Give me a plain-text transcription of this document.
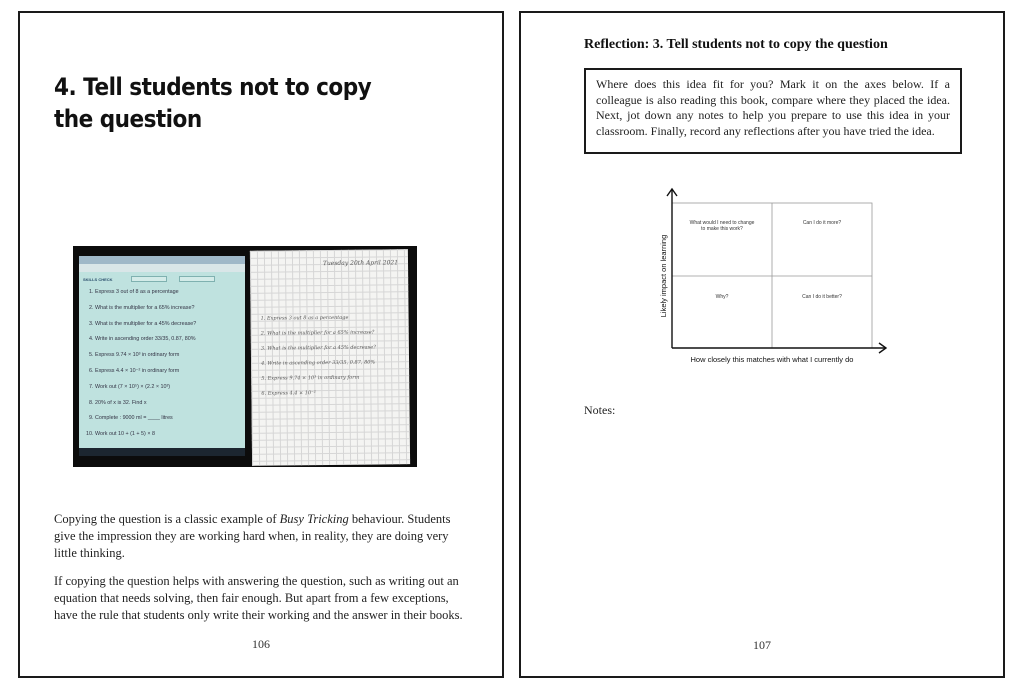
4. Tell students not to copy the question
SKILLS CHECK
1. Express 3 out of 8 as a percentage
2. What is the multiplier for a 65% increase?
3. What is the multiplier for a 45% decrease?
4. Write in ascending order 33/35, 0.87, 80%
5. Express 9.74 × 10³ in ordinary form
6. Express 4.4 × 10⁻² in ordinary form
7. Work out (7 × 10⁵) × (2.2 × 10³)
8. 20% of x is 32. Find x
9. Complete : 9000 ml = ____ litres
10. Work out 10 + (1 + 5) × 8
Tuesday 20th April 2021
1. Express 3 out 8 as a percentage
2. What is the multiplier for a 65% increase?
3. What is the multiplier for a 45% decrease?
4. Write in ascending order 33/35, 0.87, 80%
5. Express 9.74 × 10³ in ordinary form
6. Express 4.4 × 10⁻²

Copying the question is a classic example of Busy Tricking behaviour. Students give the impression they are working hard when, in reality, they are doing very little thinking.

If copying the question helps with answering the question, such as writing out an equation that needs solving, then fair enough. But apart from a few exceptions, have the rule that students only write their working and the answer in their books.

106
Reflection: 3. Tell students not to copy the question
Where does this idea fit for you? Mark it on the axes below. If a colleague is also reading this book, compare where they placed the idea. Next, jot down any notes to help you prepare to use this idea in your classroom. Finally, record any reflections after you have tried the idea.
What would I need to change
to make this work?
Can I do it more?
Why?	Can I do it better?
Likely impact on learning
How closely this matches with what I currently do
Notes:
107
